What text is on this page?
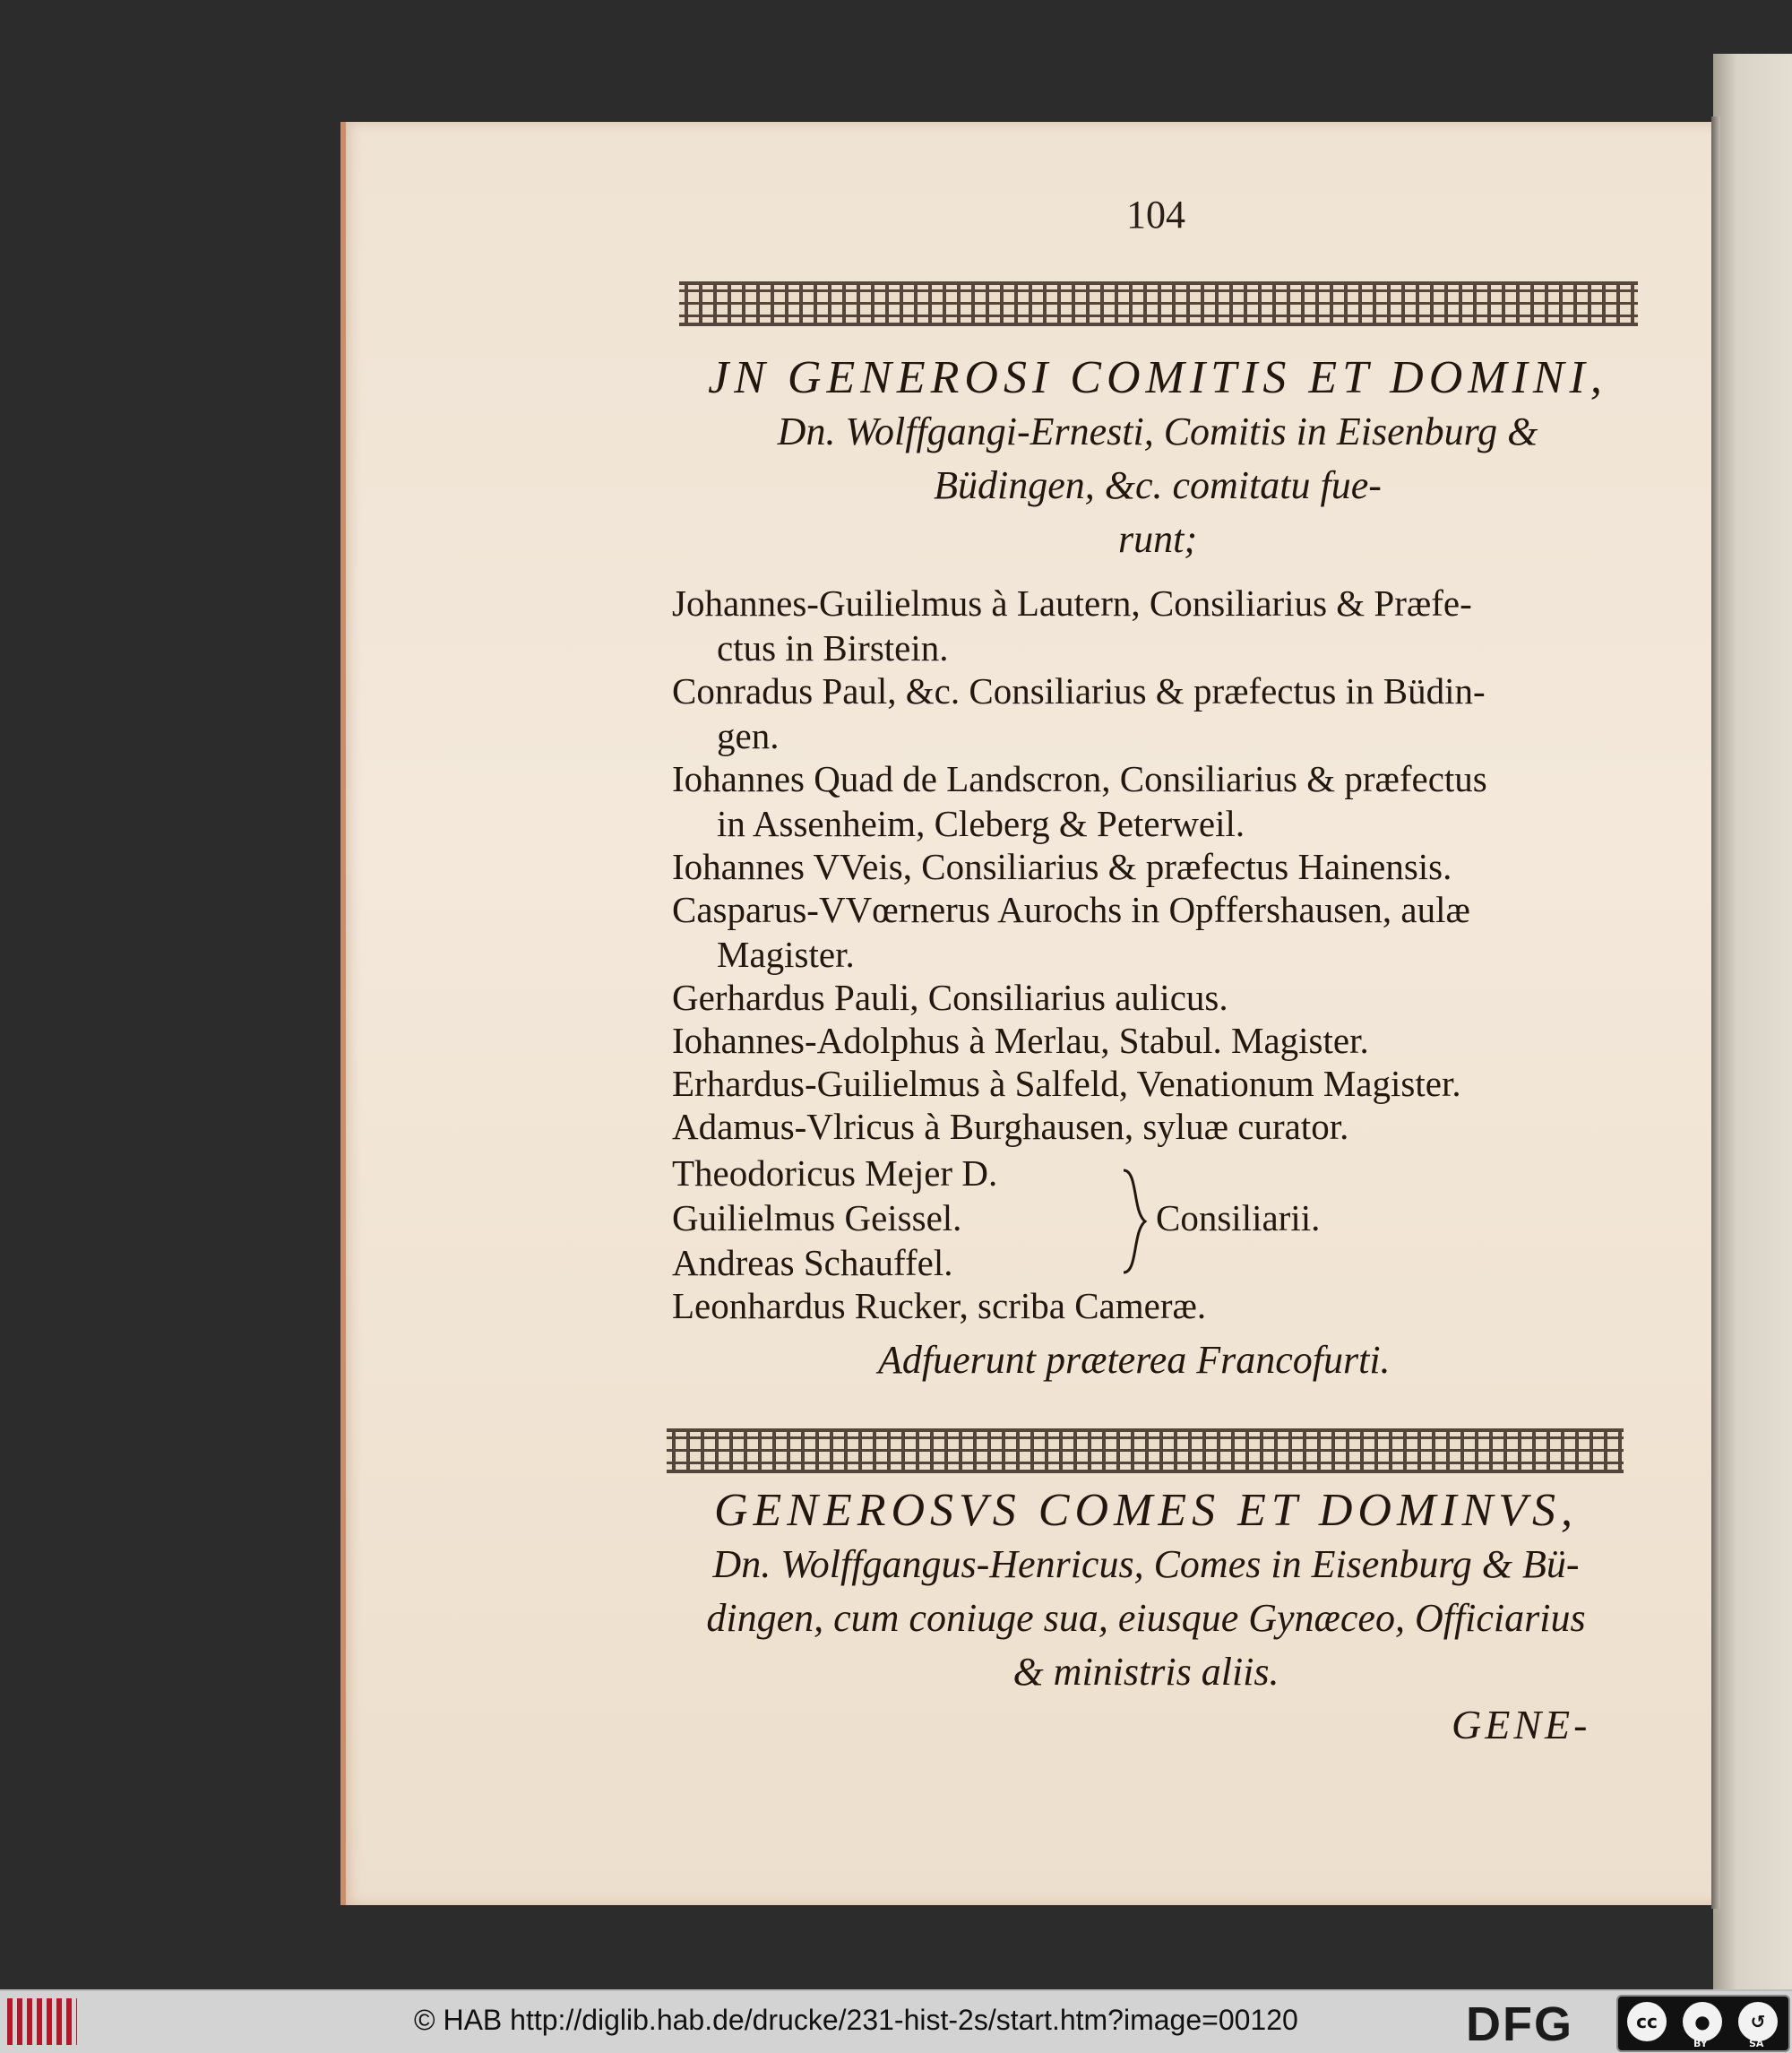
104
JN GENEROSI COMITIS ET DOMINI,
Dn. Wolffgangi-Ernesti, Comitis in Eisenburg &
Büdingen, &c. comitatu fue-
runt;
Johannes-Guilielmus à Lautern, Consiliarius & Præfe-
ctus in Birstein.
Conradus Paul, &c. Consiliarius & præfectus in Büdin-
gen.
Iohannes Quad de Landscron, Consiliarius & præfectus
in Assenheim, Cleberg & Peterweil.
Iohannes VVeis, Consiliarius & præfectus Hainensis.
Casparus-VVœrnerus Aurochs in Opffershausen, aulæ
Magister.
Gerhardus Pauli, Consiliarius aulicus.
Iohannes-Adolphus à Merlau, Stabul. Magister.
Erhardus-Guilielmus à Salfeld, Venationum Magister.
Adamus-Vlricus à Burghausen, syluæ curator.
Theodoricus Mejer D.
Guilielmus Geissel.
Andreas Schauffel.
Consiliarii.
Leonhardus Rucker, scriba Cameræ.
Adfuerunt præterea Francofurti.
GENEROSVS COMES ET DOMINVS,
Dn. Wolffgangus-Henricus, Comes in Eisenburg & Bü-
dingen, cum coniuge sua, eiusque Gynæceo, Officiarius
& ministris aliis.
GENE-
© HAB http://diglib.hab.de/drucke/231-hist-2s/start.htm?image=00120	DFG	cc	●	↺
BY	SA
